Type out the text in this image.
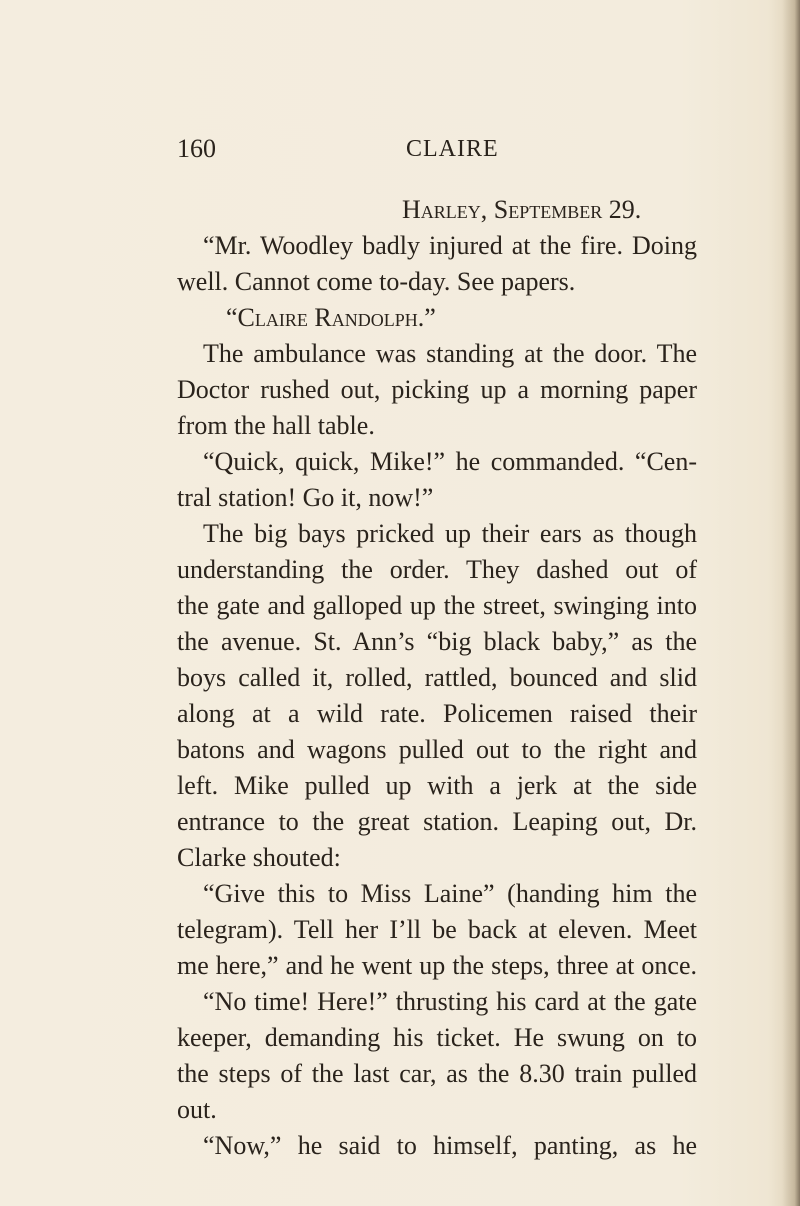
160	CLAIRE
Harley, September 29.
“Mr. Woodley badly injured at the fire. Doing
well. Cannot come to-day. See papers.
“Claire Randolph.”
The ambulance was standing at the door. The
Doctor rushed out, picking up a morning paper
from the hall table.
“Quick, quick, Mike!” he commanded. “Cen-
tral station! Go it, now!”
The big bays pricked up their ears as though
understanding the order. They dashed out of
the gate and galloped up the street, swinging into
the avenue. St. Ann’s “big black baby,” as the
boys called it, rolled, rattled, bounced and slid
along at a wild rate. Policemen raised their
batons and wagons pulled out to the right and
left. Mike pulled up with a jerk at the side
entrance to the great station. Leaping out, Dr.
Clarke shouted:
“Give this to Miss Laine” (handing him the
telegram). Tell her I’ll be back at eleven. Meet
me here,” and he went up the steps, three at once.
“No time! Here!” thrusting his card at the gate
keeper, demanding his ticket. He swung on to
the steps of the last car, as the 8.30 train pulled
out.
“Now,” he said to himself, panting, as he
